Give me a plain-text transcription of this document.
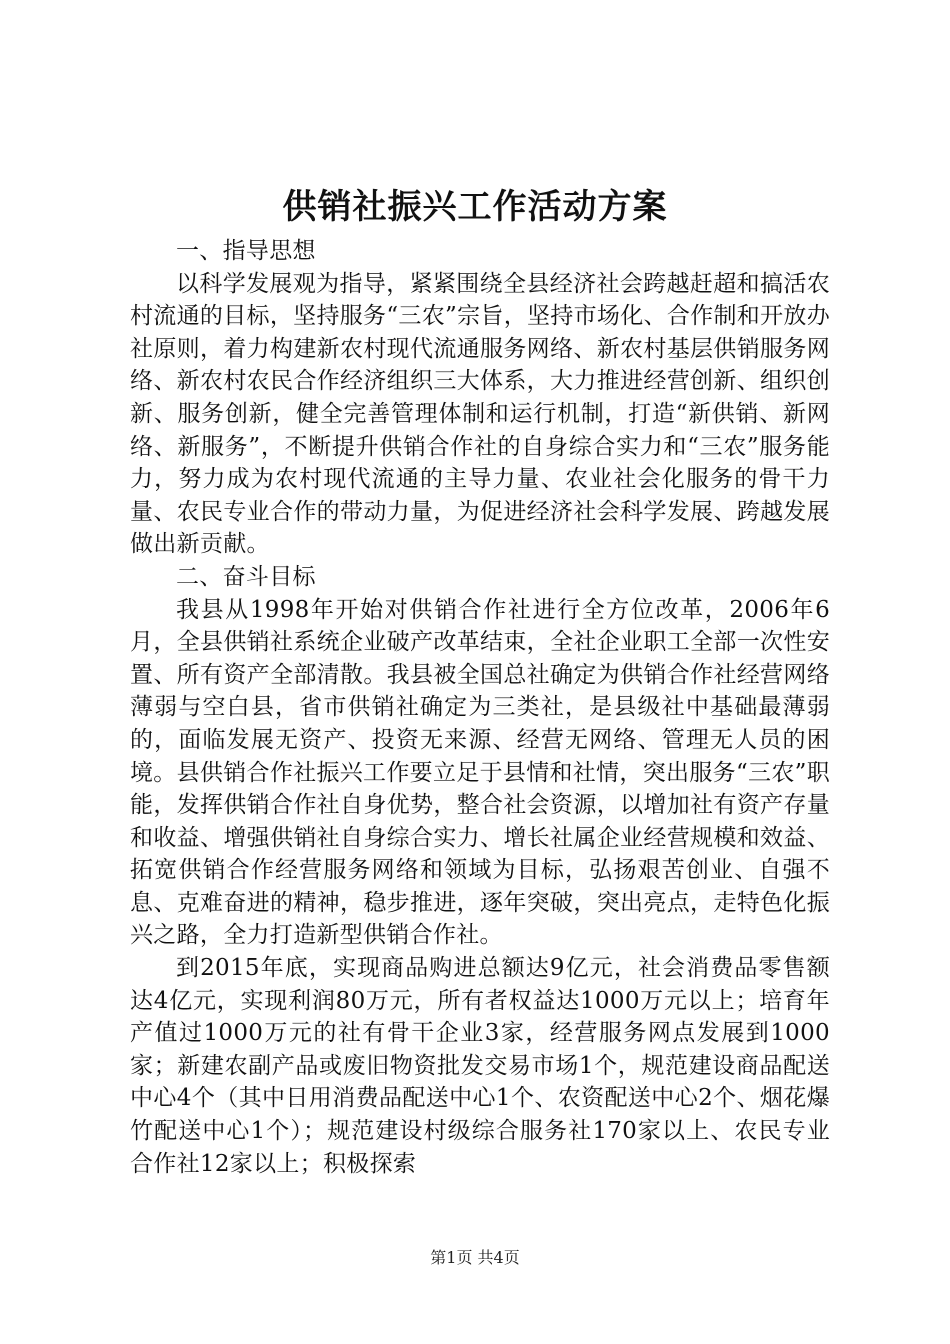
供销社振兴工作活动方案

一、指导思想

以科学发展观为指导，紧紧围绕全县经济社会跨越赶超和搞活农村流通的目标，坚持服务“三农”宗旨，坚持市场化、合作制和开放办社原则，着力构建新农村现代流通服务网络、新农村基层供销服务网络、新农村农民合作经济组织三大体系，大力推进经营创新、组织创新、服务创新，健全完善管理体制和运行机制，打造“新供销、新网络、新服务”，不断提升供销合作社的自身综合实力和“三农”服务能力，努力成为农村现代流通的主导力量、农业社会化服务的骨干力量、农民专业合作的带动力量，为促进经济社会科学发展、跨越发展做出新贡献。

二、奋斗目标

我县从1998年开始对供销合作社进行全方位改革，2006年6月，全县供销社系统企业破产改革结束，全社企业职工全部一次性安置、所有资产全部清散。我县被全国总社确定为供销合作社经营网络薄弱与空白县，省市供销社确定为三类社，是县级社中基础最薄弱的，面临发展无资产、投资无来源、经营无网络、管理无人员的困境。县供销合作社振兴工作要立足于县情和社情，突出服务“三农”职能，发挥供销合作社自身优势，整合社会资源，以增加社有资产存量和收益、增强供销社自身综合实力、增长社属企业经营规模和效益、拓宽供销合作经营服务网络和领域为目标，弘扬艰苦创业、自强不息、克难奋进的精神，稳步推进，逐年突破，突出亮点，走特色化振兴之路，全力打造新型供销合作社。

到2015年底，实现商品购进总额达9亿元，社会消费品零售额达4亿元，实现利润80万元，所有者权益达1000万元以上；培育年产值过1000万元的社有骨干企业3家，经营服务网点发展到1000家；新建农副产品或废旧物资批发交易市场1个，规范建设商品配送中心4个（其中日用消费品配送中心1个、农资配送中心2个、烟花爆竹配送中心1个）；规范建设村级综合服务社170家以上、农民专业合作社12家以上；积极探索

第1页 共4页
